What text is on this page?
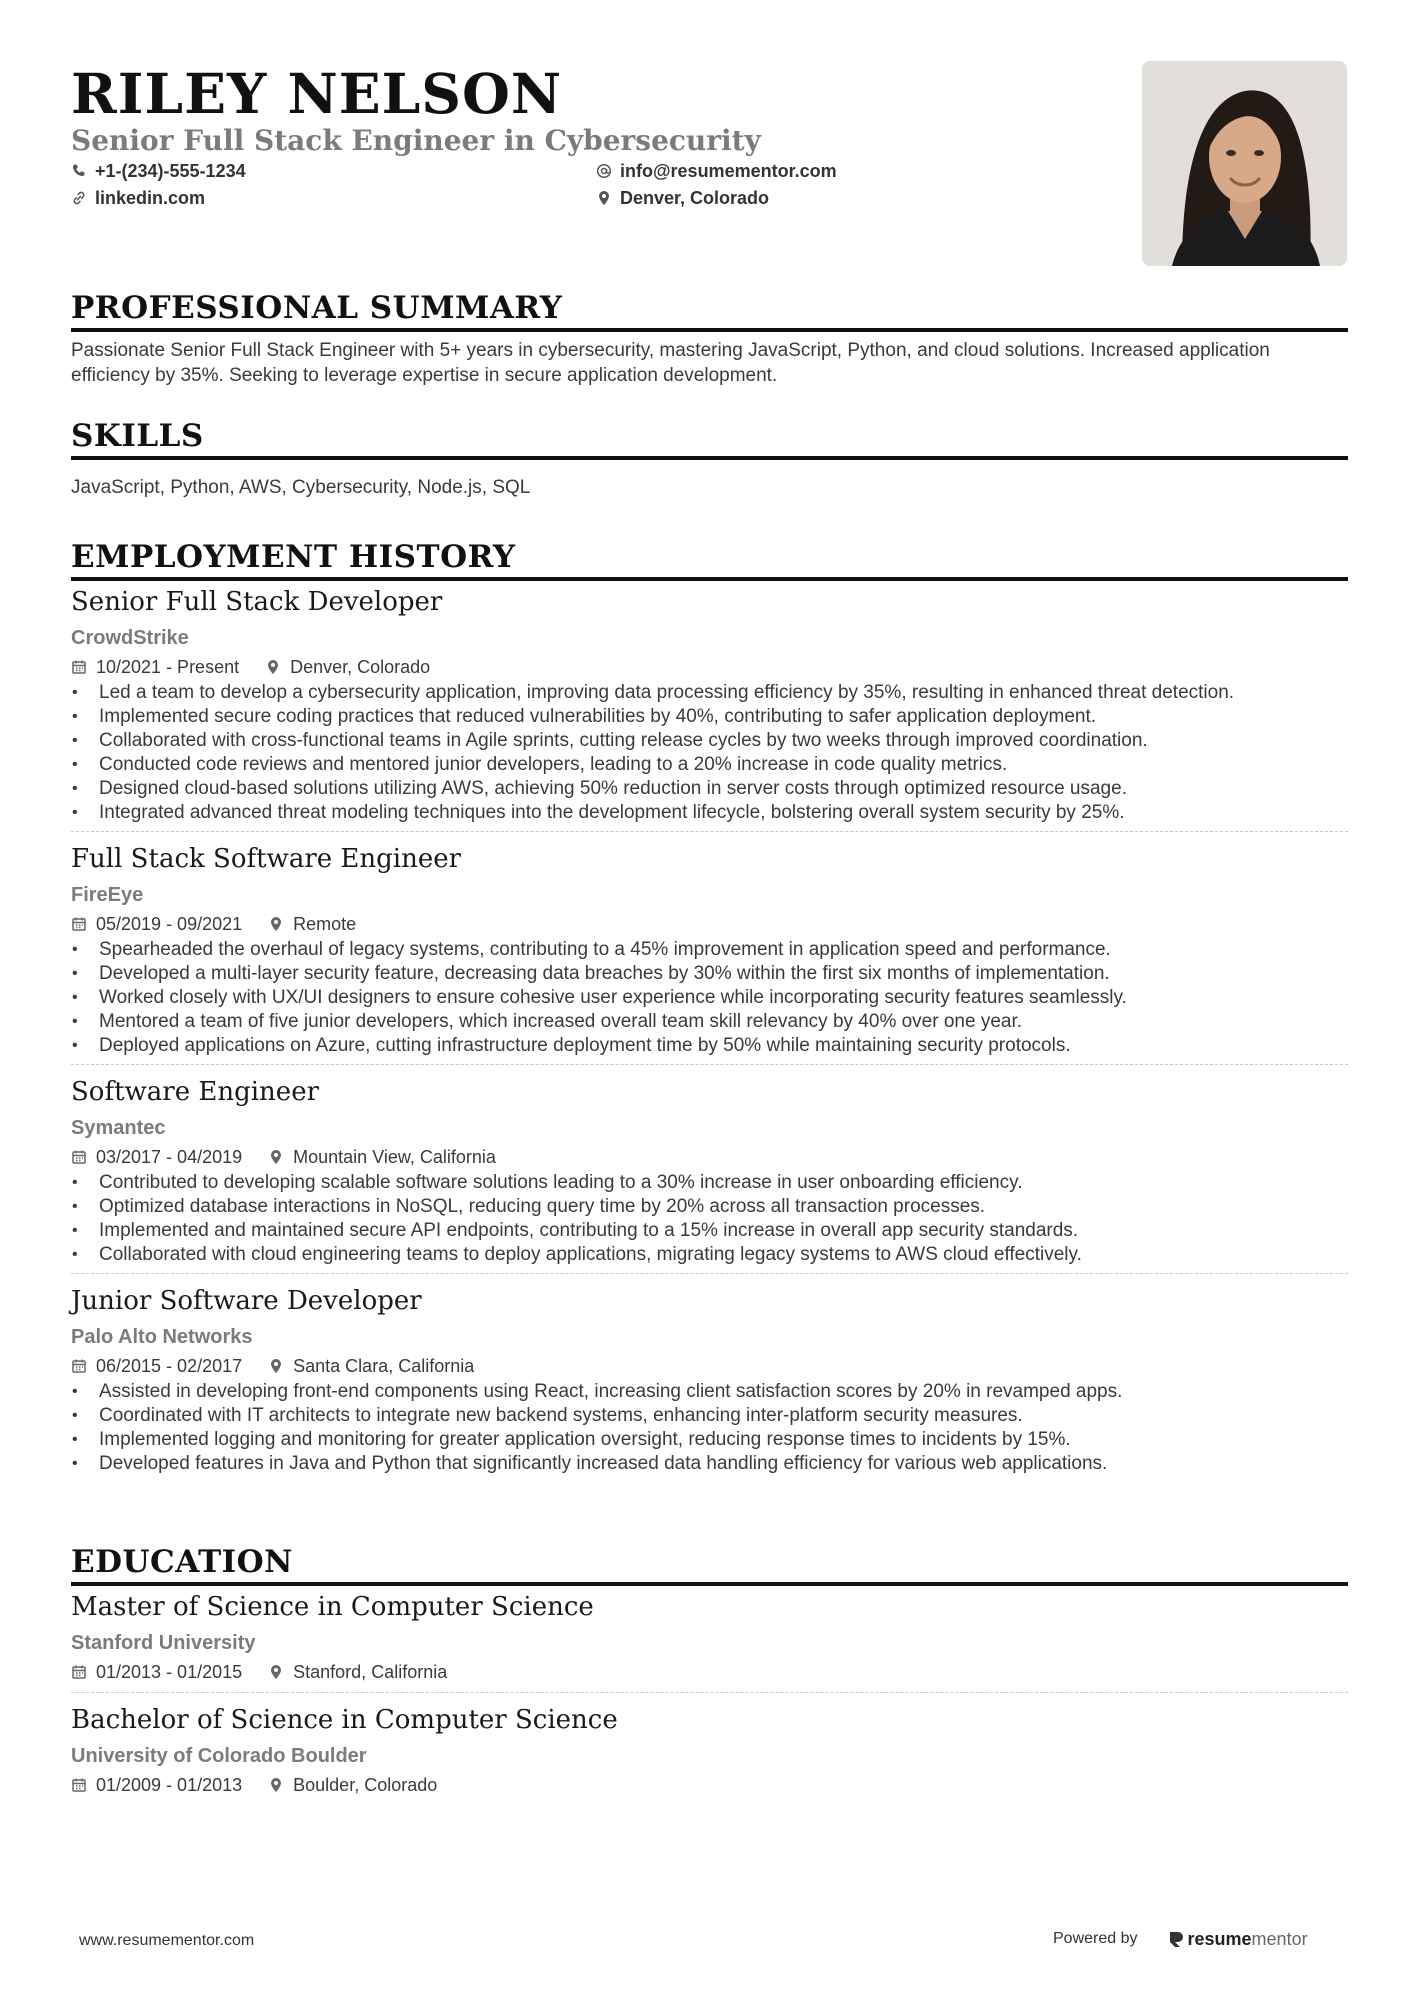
RILEY NELSON
Senior Full Stack Engineer in Cybersecurity
+1-(234)-555-1234	info@resumementor.com
linkedin.com	Denver, Colorado
PROFESSIONAL SUMMARY
Passionate Senior Full Stack Engineer with 5+ years in cybersecurity, mastering JavaScript, Python, and cloud solutions. Increased application efficiency by 35%. Seeking to leverage expertise in secure application development.
SKILLS
JavaScript, Python, AWS, Cybersecurity, Node.js, SQL
EMPLOYMENT HISTORY
Senior Full Stack Developer
CrowdStrike
10/2021 - Present	Denver, Colorado
• Led a team to develop a cybersecurity application, improving data processing efficiency by 35%, resulting in enhanced threat detection.
• Implemented secure coding practices that reduced vulnerabilities by 40%, contributing to safer application deployment.
• Collaborated with cross-functional teams in Agile sprints, cutting release cycles by two weeks through improved coordination.
• Conducted code reviews and mentored junior developers, leading to a 20% increase in code quality metrics.
• Designed cloud-based solutions utilizing AWS, achieving 50% reduction in server costs through optimized resource usage.
• Integrated advanced threat modeling techniques into the development lifecycle, bolstering overall system security by 25%.
Full Stack Software Engineer
FireEye
05/2019 - 09/2021	Remote
• Spearheaded the overhaul of legacy systems, contributing to a 45% improvement in application speed and performance.
• Developed a multi-layer security feature, decreasing data breaches by 30% within the first six months of implementation.
• Worked closely with UX/UI designers to ensure cohesive user experience while incorporating security features seamlessly.
• Mentored a team of five junior developers, which increased overall team skill relevancy by 40% over one year.
• Deployed applications on Azure, cutting infrastructure deployment time by 50% while maintaining security protocols.
Software Engineer
Symantec
03/2017 - 04/2019	Mountain View, California
• Contributed to developing scalable software solutions leading to a 30% increase in user onboarding efficiency.
• Optimized database interactions in NoSQL, reducing query time by 20% across all transaction processes.
• Implemented and maintained secure API endpoints, contributing to a 15% increase in overall app security standards.
• Collaborated with cloud engineering teams to deploy applications, migrating legacy systems to AWS cloud effectively.
Junior Software Developer
Palo Alto Networks
06/2015 - 02/2017	Santa Clara, California
• Assisted in developing front-end components using React, increasing client satisfaction scores by 20% in revamped apps.
• Coordinated with IT architects to integrate new backend systems, enhancing inter-platform security measures.
• Implemented logging and monitoring for greater application oversight, reducing response times to incidents by 15%.
• Developed features in Java and Python that significantly increased data handling efficiency for various web applications.
EDUCATION
Master of Science in Computer Science
Stanford University
01/2013 - 01/2015	Stanford, California
Bachelor of Science in Computer Science
University of Colorado Boulder
01/2009 - 01/2013	Boulder, Colorado
www.resumementor.com	Powered by	resume mentor
